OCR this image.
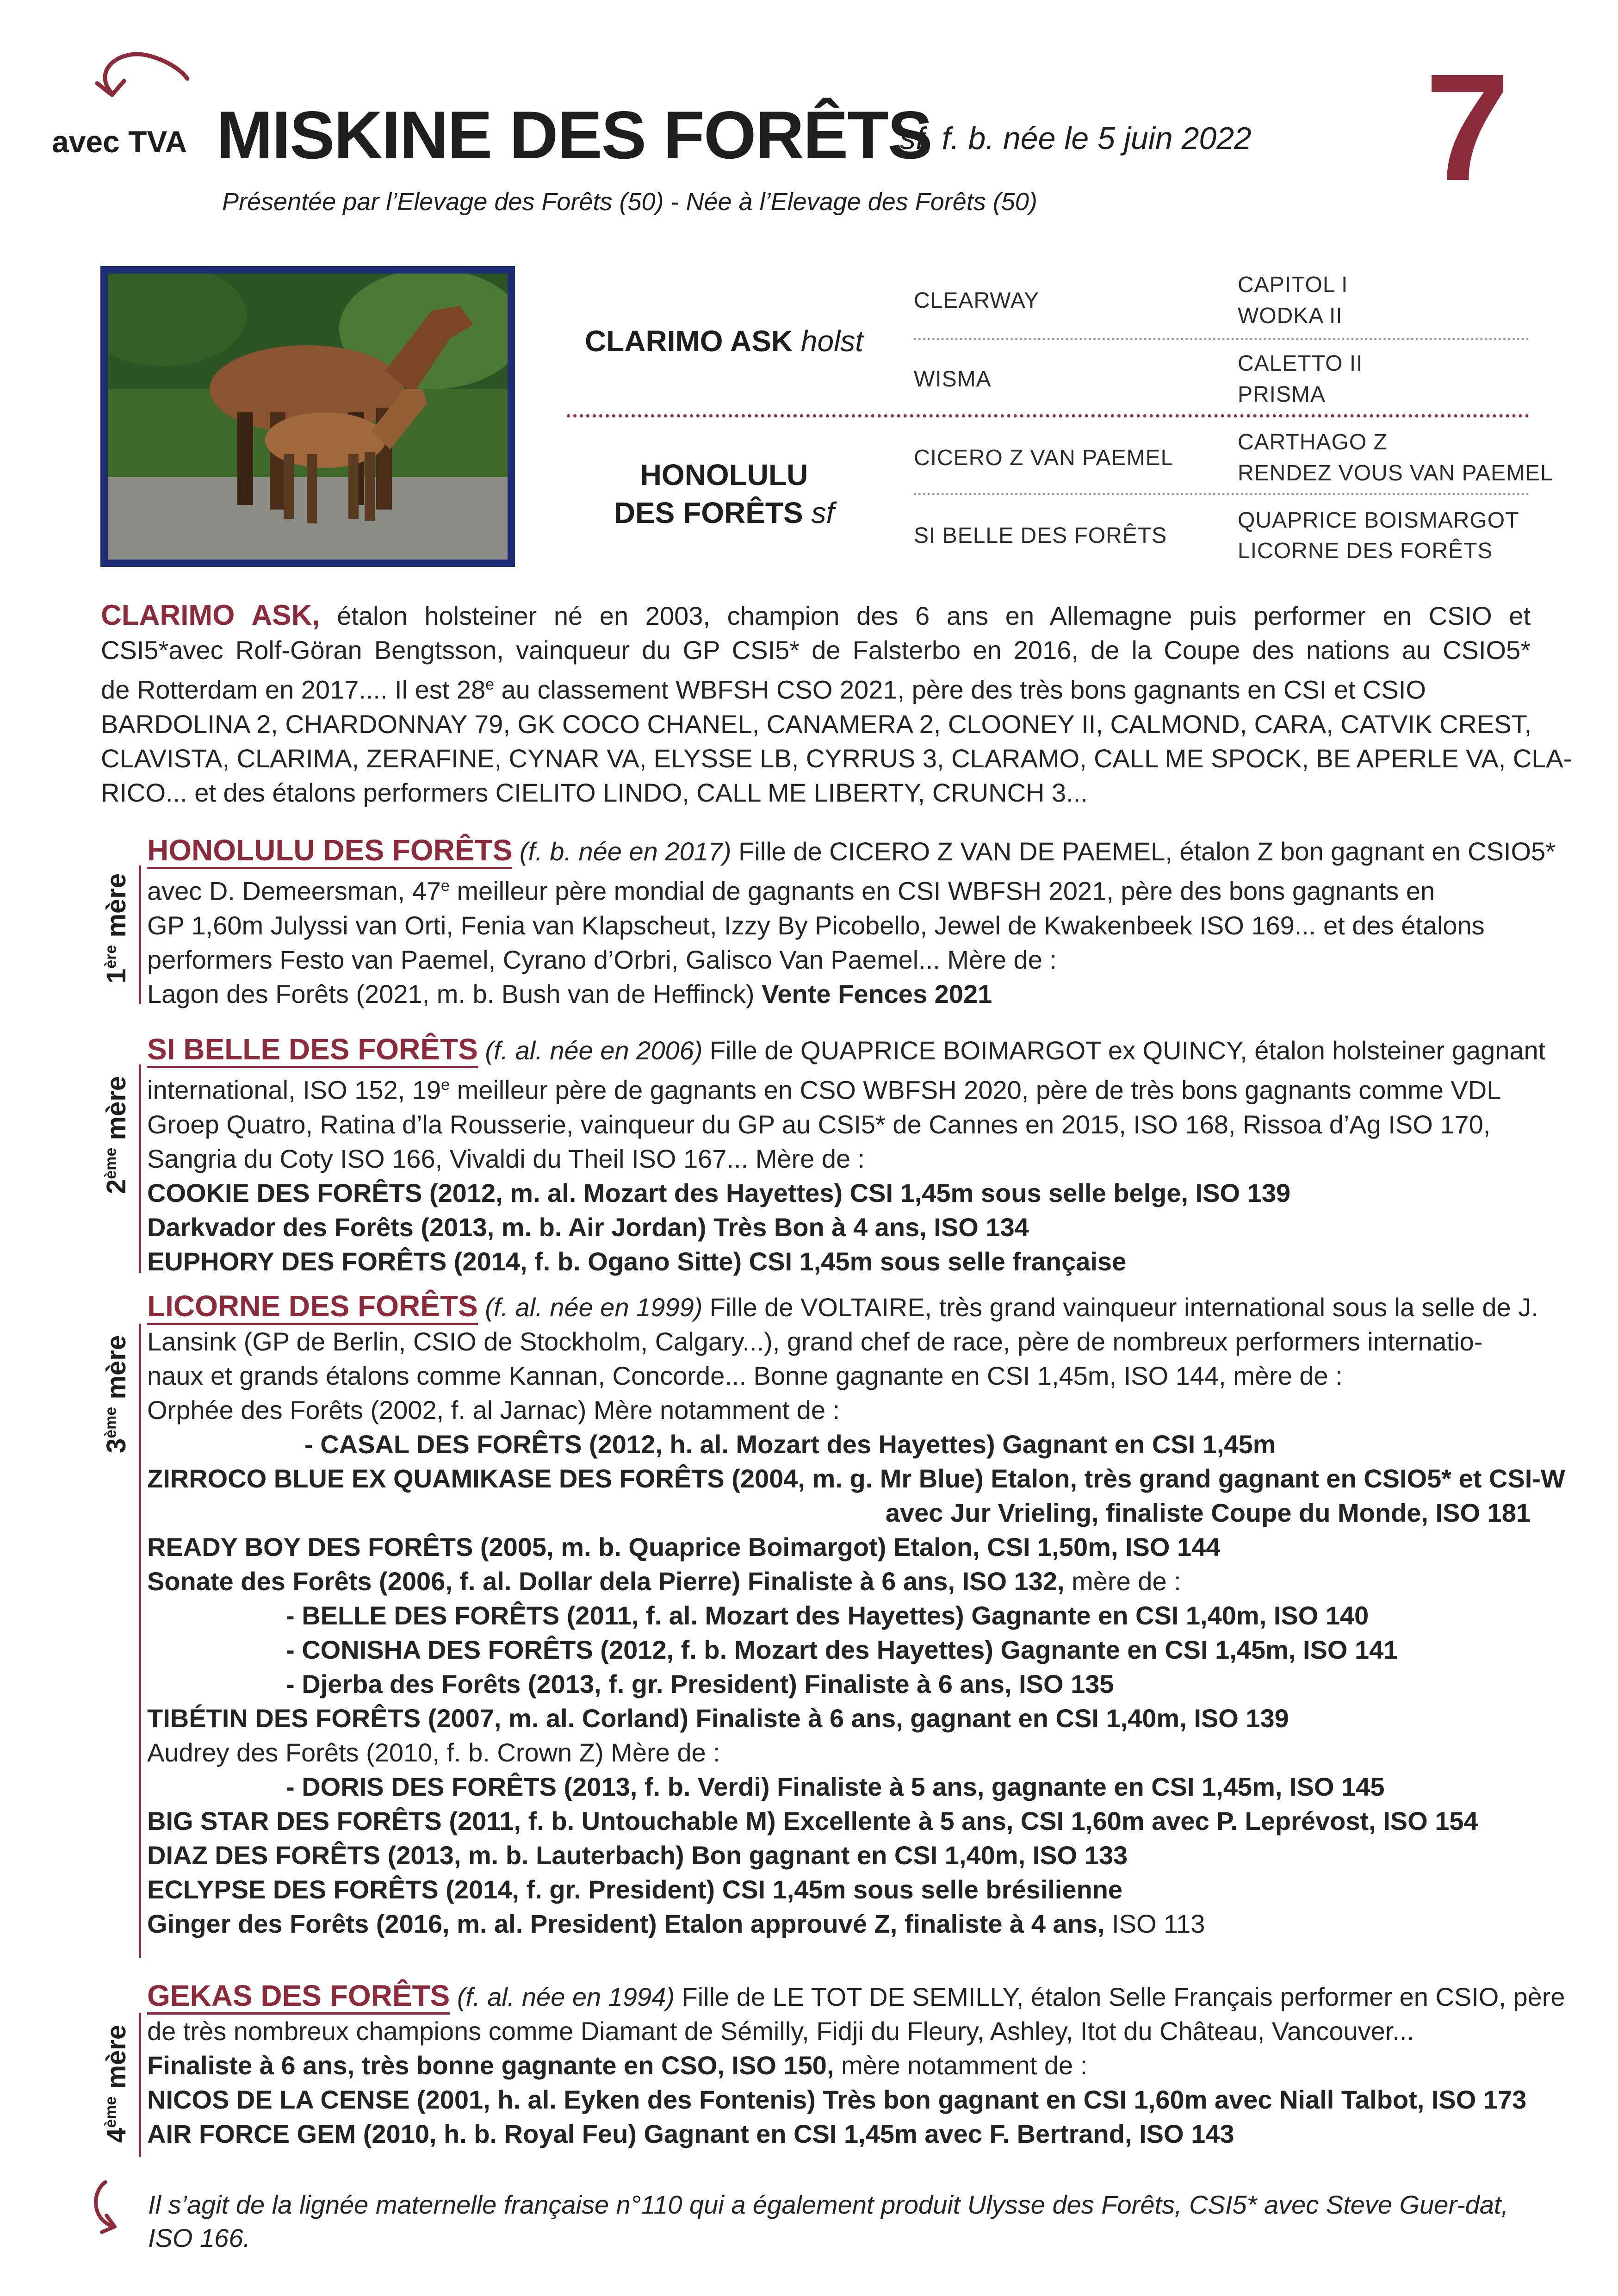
avec TVA MISKINE DES FORÊTS
sf. f. b. née le 5 juin 2022 7
Présentée par l’Elevage des Forêts (50) - Née à l’Elevage des Forêts (50)
CLARIMO ASK holst
HONOLULU
DES FORÊTS sf
CLEARWAY
WISMA
CICERO Z VAN PAEMEL
SI BELLE DES FORÊTS
CAPITOL I
WODKA II
CALETTO II
PRISMA
CARTHAGO Z
RENDEZ VOUS VAN PAEMEL
QUAPRICE BOISMARGOT
LICORNE DES FORÊTS
CLARIMO ASK, étalon holsteiner né en 2003, champion des 6 ans en Allemagne puis performer en CSIO et
CSI5*avec Rolf-Göran Bengtsson, vainqueur du GP CSI5* de Falsterbo en 2016, de la Coupe des nations au CSIO5*
de Rotterdam en 2017.... Il est 28e au classement WBFSH CSO 2021, père des très bons gagnants en CSI et CSIO
BARDOLINA 2, CHARDONNAY 79, GK COCO CHANEL, CANAMERA 2, CLOONEY II, CALMOND, CARA, CATVIK CREST,
CLAVISTA, CLARIMA, ZERAFINE, CYNAR VA, ELYSSE LB, CYRRUS 3, CLARAMO, CALL ME SPOCK, BE APERLE VA, CLA-
RICO... et des étalons performers CIELITO LINDO, CALL ME LIBERTY, CRUNCH 3...
1ère mère
HONOLULU DES FORÊTS (f. b. née en 2017) Fille de CICERO Z VAN DE PAEMEL, étalon Z bon gagnant en CSIO5*
avec D. Demeersman, 47e meilleur père mondial de gagnants en CSI WBFSH 2021, père des bons gagnants en
GP 1,60m Julyssi van Orti, Fenia van Klapscheut, Izzy By Picobello, Jewel de Kwakenbeek ISO 169... et des étalons
performers Festo van Paemel, Cyrano d’Orbri, Galisco Van Paemel... Mère de :
Lagon des Forêts (2021, m. b. Bush van de Heffinck) Vente Fences 2021
2ème mère
SI BELLE DES FORÊTS (f. al. née en 2006) Fille de QUAPRICE BOIMARGOT ex QUINCY, étalon holsteiner gagnant
international, ISO 152, 19e meilleur père de gagnants en CSO WBFSH 2020, père de très bons gagnants comme VDL
Groep Quatro, Ratina d’la Rousserie, vainqueur du GP au CSI5* de Cannes en 2015, ISO 168, Rissoa d’Ag ISO 170,
Sangria du Coty ISO 166, Vivaldi du Theil ISO 167... Mère de :
COOKIE DES FORÊTS (2012, m. al. Mozart des Hayettes) CSI 1,45m sous selle belge, ISO 139
Darkvador des Forêts (2013, m. b. Air Jordan) Très Bon à 4 ans, ISO 134
EUPHORY DES FORÊTS (2014, f. b. Ogano Sitte) CSI 1,45m sous selle française
3ème mère
LICORNE DES FORÊTS (f. al. née en 1999) Fille de VOLTAIRE, très grand vainqueur international sous la selle de J.
Lansink (GP de Berlin, CSIO de Stockholm, Calgary...), grand chef de race, père de nombreux performers internatio-
naux et grands étalons comme Kannan, Concorde... Bonne gagnante en CSI 1,45m, ISO 144, mère de :
Orphée des Forêts (2002, f. al Jarnac) Mère notamment de :
- CASAL DES FORÊTS (2012, h. al. Mozart des Hayettes) Gagnant en CSI 1,45m
ZIRROCO BLUE EX QUAMIKASE DES FORÊTS (2004, m. g. Mr Blue) Etalon, très grand gagnant en CSIO5* et CSI-W
avec Jur Vrieling, finaliste Coupe du Monde, ISO 181
READY BOY DES FORÊTS (2005, m. b. Quaprice Boimargot) Etalon, CSI 1,50m, ISO 144
Sonate des Forêts (2006, f. al. Dollar dela Pierre) Finaliste à 6 ans, ISO 132, mère de :
- BELLE DES FORÊTS (2011, f. al. Mozart des Hayettes) Gagnante en CSI 1,40m, ISO 140
- CONISHA DES FORÊTS (2012, f. b. Mozart des Hayettes) Gagnante en CSI 1,45m, ISO 141
- Djerba des Forêts (2013, f. gr. President) Finaliste à 6 ans, ISO 135
TIBÉTIN DES FORÊTS (2007, m. al. Corland) Finaliste à 6 ans, gagnant en CSI 1,40m, ISO 139
Audrey des Forêts (2010, f. b. Crown Z) Mère de :
- DORIS DES FORÊTS (2013, f. b. Verdi) Finaliste à 5 ans, gagnante en CSI 1,45m, ISO 145
BIG STAR DES FORÊTS (2011, f. b. Untouchable M) Excellente à 5 ans, CSI 1,60m avec P. Leprévost, ISO 154
DIAZ DES FORÊTS (2013, m. b. Lauterbach) Bon gagnant en CSI 1,40m, ISO 133
ECLYPSE DES FORÊTS (2014, f. gr. President) CSI 1,45m sous selle brésilienne
Ginger des Forêts (2016, m. al. President) Etalon approuvé Z, finaliste à 4 ans, ISO 113
4ème mère
GEKAS DES FORÊTS (f. al. née en 1994) Fille de LE TOT DE SEMILLY, étalon Selle Français performer en CSIO, père
de très nombreux champions comme Diamant de Sémilly, Fidji du Fleury, Ashley, Itot du Château, Vancouver...
Finaliste à 6 ans, très bonne gagnante en CSO, ISO 150, mère notamment de :
NICOS DE LA CENSE (2001, h. al. Eyken des Fontenis) Très bon gagnant en CSI 1,60m avec Niall Talbot, ISO 173
AIR FORCE GEM (2010, h. b. Royal Feu) Gagnant en CSI 1,45m avec F. Bertrand, ISO 143
Il s’agit de la lignée maternelle française n°110 qui a également produit Ulysse des Forêts, CSI5* avec Steve Guer-dat, ISO 166.
